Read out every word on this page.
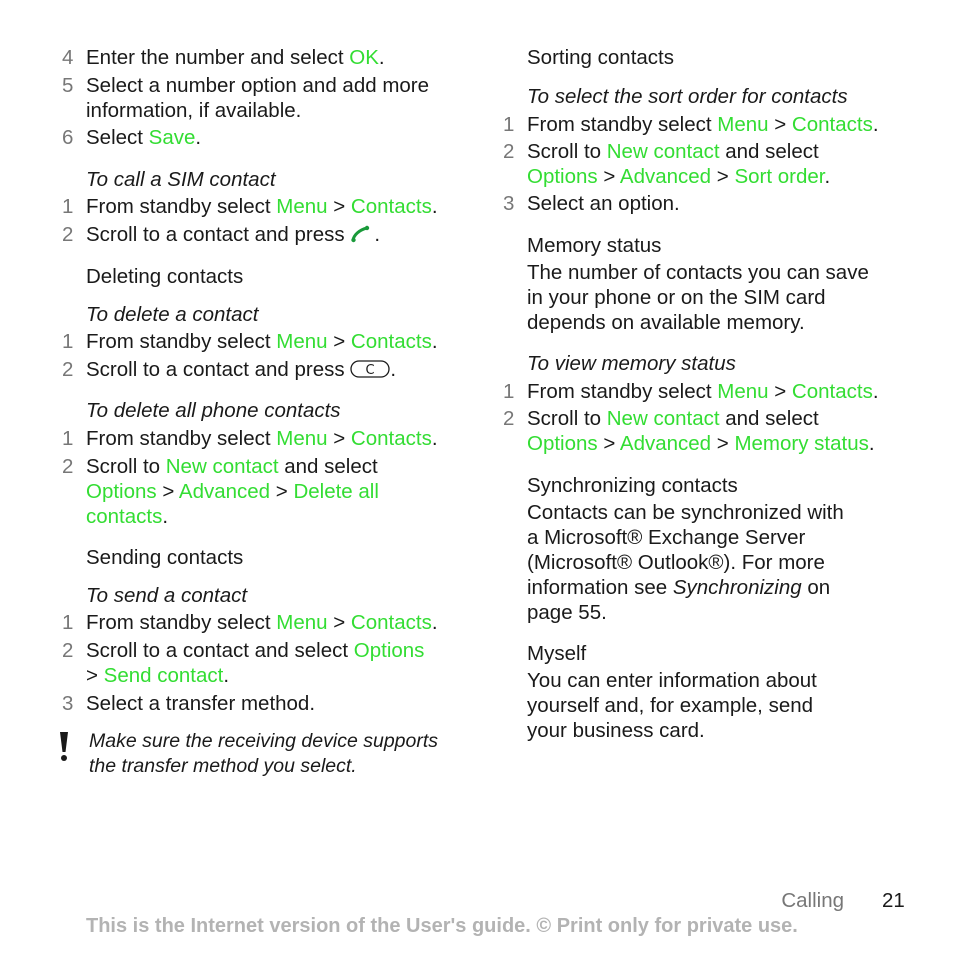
4 Enter the number and select OK.
5 Select a number option and add more
information, if available.
6 Select Save.
To call a SIM contact
1 From standby select Menu > Contacts.
2 Scroll to a contact and press .
Deleting contacts
To delete a contact
1 From standby select Menu > Contacts.
2 Scroll to a contact and press C .
To delete all phone contacts
1 From standby select Menu > Contacts.
2 Scroll to New contact and select
Options > Advanced > Delete all
contacts.
Sending contacts
To send a contact
1 From standby select Menu > Contacts.
2 Scroll to a contact and select Options
> Send contact.
3 Select a transfer method.
Make sure the receiving device supports
the transfer method you select.
Sorting contacts
To select the sort order for contacts
1 From standby select Menu > Contacts.
2 Scroll to New contact and select
Options > Advanced > Sort order.
3 Select an option.
Memory status
The number of contacts you can save
in your phone or on the SIM card
depends on available memory.
To view memory status
1 From standby select Menu > Contacts.
2 Scroll to New contact and select
Options > Advanced > Memory status.
Synchronizing contacts
Contacts can be synchronized with
a Microsoft® Exchange Server
(Microsoft® Outlook®). For more
information see Synchronizing on
page 55.
Myself
You can enter information about
yourself and, for example, send
your business card.
Calling 21
This is the Internet version of the User's guide. © Print only for private use.
